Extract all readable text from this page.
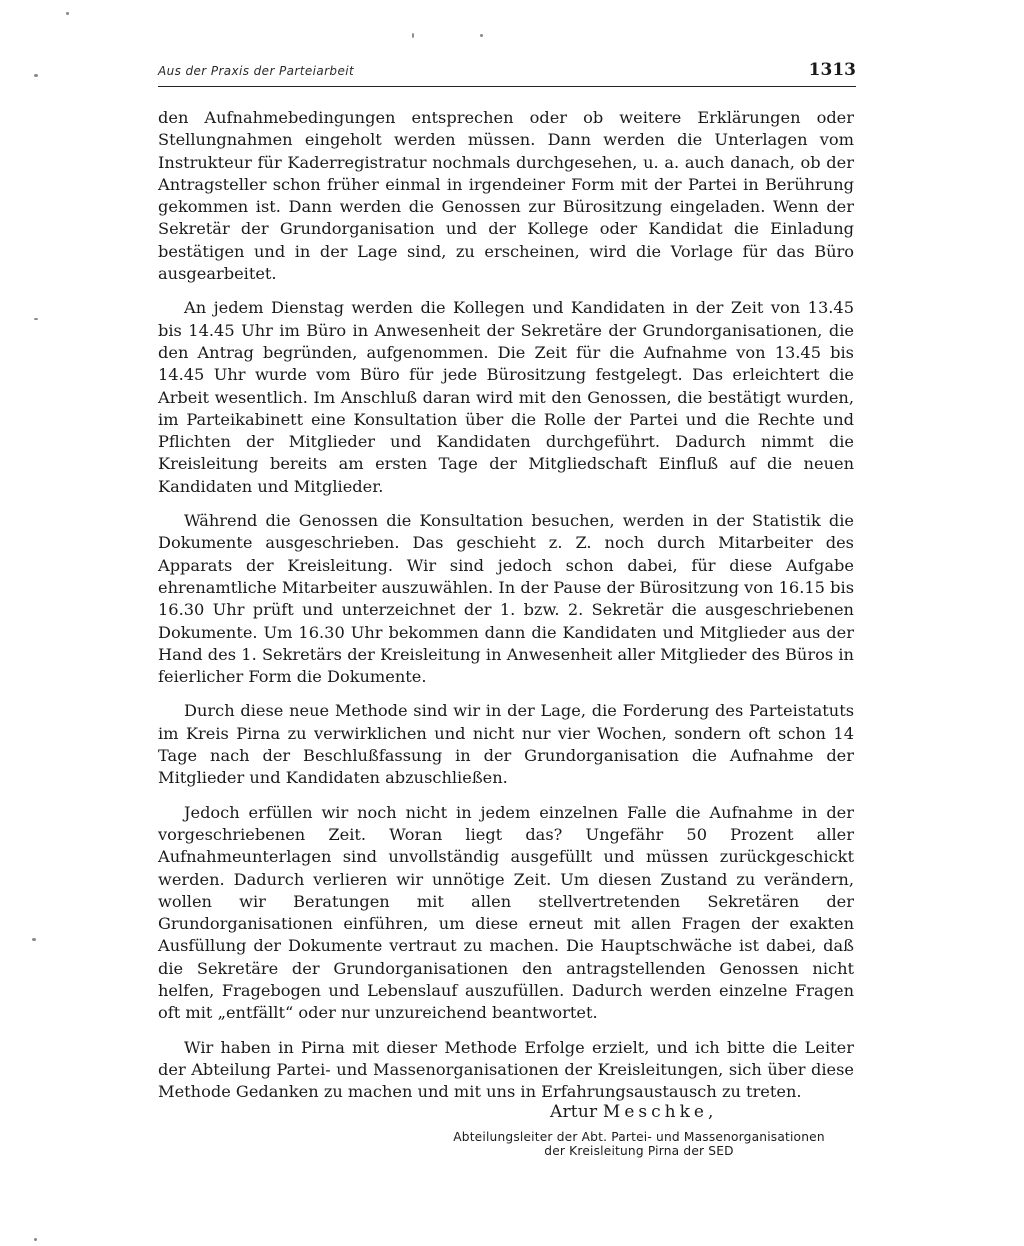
Aus der Praxis der Parteiarbeit	1313

den Aufnahmebedingungen entsprechen oder ob weitere Erklärungen oder Stellungnahmen eingeholt werden müssen. Dann werden die Unterlagen vom Instrukteur für Kaderregistratur nochmals durchgesehen, u. a. auch danach, ob der Antragsteller schon früher einmal in irgendeiner Form mit der Partei in Berührung gekommen ist. Dann werden die Genossen zur Bürositzung eingeladen. Wenn der Sekretär der Grundorganisation und der Kollege oder Kandidat die Einladung bestätigen und in der Lage sind, zu erscheinen, wird die Vorlage für das Büro ausgearbeitet.

An jedem Dienstag werden die Kollegen und Kandidaten in der Zeit von 13.45 bis 14.45 Uhr im Büro in Anwesenheit der Sekretäre der Grundorganisationen, die den Antrag begründen, aufgenommen. Die Zeit für die Aufnahme von 13.45 bis 14.45 Uhr wurde vom Büro für jede Bürositzung festgelegt. Das erleichtert die Arbeit wesentlich. Im Anschluß daran wird mit den Genossen, die bestätigt wurden, im Parteikabinett eine Konsultation über die Rolle der Partei und die Rechte und Pflichten der Mitglieder und Kandidaten durchgeführt. Dadurch nimmt die Kreisleitung bereits am ersten Tage der Mitgliedschaft Einfluß auf die neuen Kandidaten und Mitglieder.

Während die Genossen die Konsultation besuchen, werden in der Statistik die Dokumente ausgeschrieben. Das geschieht z. Z. noch durch Mitarbeiter des Apparats der Kreisleitung. Wir sind jedoch schon dabei, für diese Aufgabe ehrenamtliche Mitarbeiter auszuwählen. In der Pause der Bürositzung von 16.15 bis 16.30 Uhr prüft und unterzeichnet der 1. bzw. 2. Sekretär die ausgeschriebenen Dokumente. Um 16.30 Uhr bekommen dann die Kandidaten und Mitglieder aus der Hand des 1. Sekretärs der Kreisleitung in Anwesenheit aller Mitglieder des Büros in feierlicher Form die Dokumente.

Durch diese neue Methode sind wir in der Lage, die Forderung des Parteistatuts im Kreis Pirna zu verwirklichen und nicht nur vier Wochen, sondern oft schon 14 Tage nach der Beschlußfassung in der Grundorganisation die Aufnahme der Mitglieder und Kandidaten abzuschließen.

Jedoch erfüllen wir noch nicht in jedem einzelnen Falle die Aufnahme in der vorgeschriebenen Zeit. Woran liegt das? Ungefähr 50 Prozent aller Aufnahmeunterlagen sind unvollständig ausgefüllt und müssen zurückgeschickt werden. Dadurch verlieren wir unnötige Zeit. Um diesen Zustand zu verändern, wollen wir Beratungen mit allen stellvertretenden Sekretären der Grundorganisationen einführen, um diese erneut mit allen Fragen der exakten Ausfüllung der Dokumente vertraut zu machen. Die Hauptschwäche ist dabei, daß die Sekretäre der Grundorganisationen den antragstellenden Genossen nicht helfen, Fragebogen und Lebenslauf auszufüllen. Dadurch werden einzelne Fragen oft mit „entfällt“ oder nur unzureichend beantwortet.

Wir haben in Pirna mit dieser Methode Erfolge erzielt, und ich bitte die Leiter der Abteilung Partei- und Massenorganisationen der Kreisleitungen, sich über diese Methode Gedanken zu machen und mit uns in Erfahrungsaustausch zu treten.

Artur Meschke,
Abteilungsleiter der Abt. Partei- und Massenorganisationen
der Kreisleitung Pirna der SED
